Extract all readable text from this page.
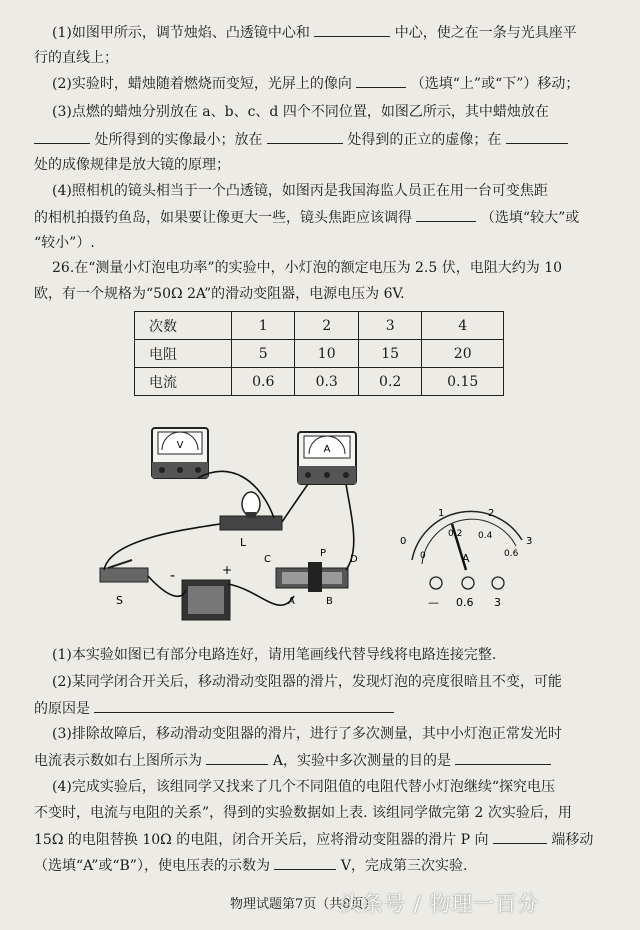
(1)如图甲所示，调节烛焰、凸透镜中心和	中心，使之在一条与光具座平
行的直线上；
(2)实验时，蜡烛随着燃烧而变短，光屏上的像向	（选填“上”或“下”）移动；
(3)点燃的蜡烛分别放在 a、b、c、d 四个不同位置，如图乙所示，其中蜡烛放在
处所得到的实像最小；放在	处得到的正立的虚像；在
处的成像规律是放大镜的原理；
(4)照相机的镜头相当于一个凸透镜，如图丙是我国海监人员正在用一台可变焦距
的相机拍摄钓鱼岛，如果要让像更大一些，镜头焦距应该调得	（选填“较大”或
“较小”）.
26.在“测量小灯泡电功率”的实验中，小灯泡的额定电压为 2.5 伏，电阻大约为 10
欧，有一个规格为“50Ω 2A”的滑动变阻器，电源电压为 6V.
次数	1	2	3	4
电阻	5	10	15	20
电流	0.6	0.3	0.2	0.15
V	A
L
S
-	+
C
P
D
A	B
0
1	2
3
0
0.2 0.4
0.6
A
— 0.6 3
(1)本实验如图已有部分电路连好，请用笔画线代替导线将电路连接完整.
(2)某同学闭合开关后，移动滑动变阻器的滑片，发现灯泡的亮度很暗且不变，可能
的原因是
(3)排除故障后，移动滑动变阻器的滑片，进行了多次测量，其中小灯泡正常发光时
电流表示数如右上图所示为	A，实验中多次测量的目的是
(4)完成实验后，该组同学又找来了几个不同阻值的电阻代替小灯泡继续“探究电压
不变时，电流与电阻的关系”，得到的实验数据如上表. 该组同学做完第 2 次实验后，用
15Ω 的电阻替换 10Ω 的电阻，闭合开关后，应将滑动变阻器的滑片 P 向	端移动
（选填“A”或“B”），使电压表的示数为	V，完成第三次实验.
物理试题第7页（共8页）
头条号 / 物理一百分
